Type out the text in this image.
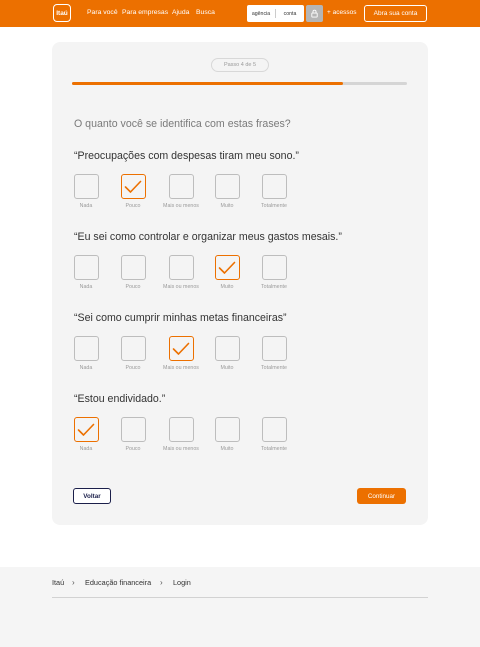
Itaú	Para você Para empresas Ajuda Busca	agência	conta	+ acessos	Abra sua conta
Passo 4 de 5
O quanto você se identifica com estas frases?
“Preocupações com despesas tiram meu sono.”
Nada	Pouco	Mais ou menos	Muito	Totalmente
“Eu sei como controlar e organizar meus gastos mesais.”
Nada	Pouco	Mais ou menos	Muito	Totalmente
“Sei como cumprir minhas metas financeiras”
Nada	Pouco	Mais ou menos	Muito	Totalmente
“Estou endividado.”
Nada	Pouco	Mais ou menos	Muito	Totalmente
Voltar	Continuar
Itaú › Educação financeira › Login
